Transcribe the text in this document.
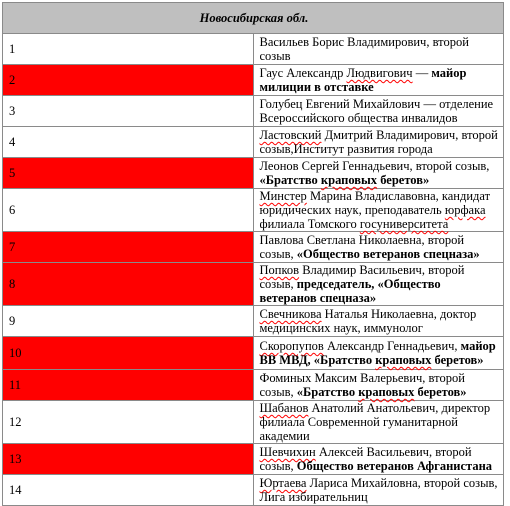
Новосибирская обл.	
1	Васильев Борис Владимирович, второй созыв
2	Гаус Александр Людвигович — майор милиции в отставке
3	Голубец Евгений Михайлович — отделение Всероссийского общества инвалидов
4	Ластовский Дмитрий Владимирович, второй созыв,Институт развития города
5	Леонов Сергей Геннадьевич, второй созыв, «Братство краповых беретов»
6	Минстер Марина Владиславовна, кандидат юридических наук, преподаватель юрфака филиала Томского госуниверситета
7	Павлова Светлана Николаевна, второй созыв, «Общество ветеранов спецназа»
8	Попков Владимир Васильевич, второй созыв, председатель, «Общество ветеранов спецназа»
9	Свечникова Наталья Николаевна, доктор медицинских наук, иммунолог
10	Скоропупов Александр Геннадьевич, майор ВВ МВД, «Братство краповых беретов»
11	Фоминых Максим Валерьевич, второй созыв, «Братство краповых беретов»
12	Шабанов Анатолий Анатольевич, директор филиала Современной гуманитарной академии
13	Шевчихин Алексей Васильевич, второй созыв, Общество ветеранов Афганистана
14	Юртаева Лариса Михайловна, второй созыв, Лига избирательниц
